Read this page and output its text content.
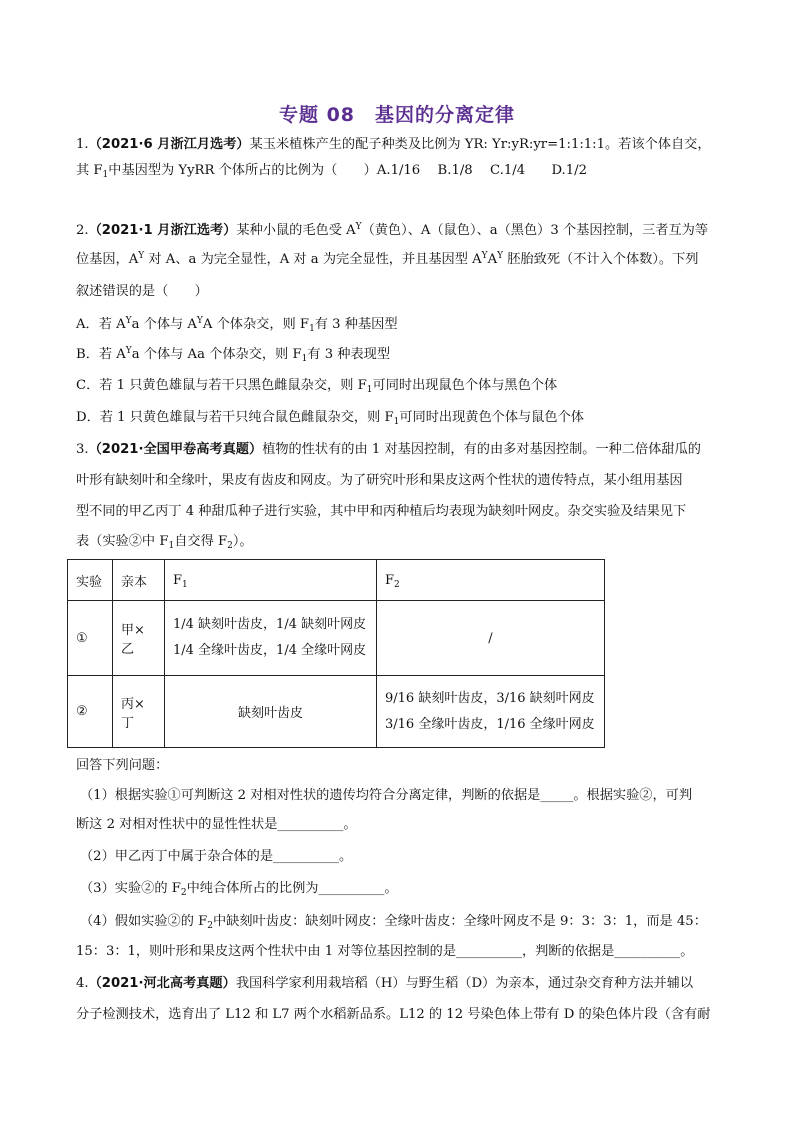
专题 08　基因的分离定律
1.（2021·6 月浙江月选考）某玉米植株产生的配子种类及比例为 YR: Yr:yR:yr=1:1:1:1。若该个体自交，
其 $F_1$中基因型为 YyRR 个体所占的比例为（　　）A.1/16　 B.1/8　 C.1/4　　D.1/2
2.（2021·1 月浙江选考）某种小鼠的毛色受 $A^Y$（黄色）、A（鼠色）、a（黑色）3 个基因控制，三者互为等
位基因，$A^Y$ 对 A、a 为完全显性，A 对 a 为完全显性，并且基因型 $A^YA^Y$ 胚胎致死（不计入个体数）。下列
叙述错误的是（　　）
A．若 $A^Ya$ 个体与 $A^YA$ 个体杂交，则 $F_1$有 3 种基因型
B．若 $A^Ya$ 个体与 Aa 个体杂交，则 $F_1$有 3 种表现型
C．若 1 只黄色雄鼠与若干只黑色雌鼠杂交，则 $F_1$可同时出现鼠色个体与黑色个体
D．若 1 只黄色雄鼠与若干只纯合鼠色雌鼠杂交，则 $F_1$可同时出现黄色个体与鼠色个体
3.（2021·全国甲卷高考真题）植物的性状有的由 1 对基因控制，有的由多对基因控制。一种二倍体甜瓜的
叶形有缺刻叶和全缘叶，果皮有齿皮和网皮。为了研究叶形和果皮这两个性状的遗传特点，某小组用基因
型不同的甲乙丙丁 4 种甜瓜种子进行实验，其中甲和丙种植后均表现为缺刻叶网皮。杂交实验及结果见下
表（实验②中 $F_1$自交得 $F_2$）。
实验	亲本	$F_1$	$F_2$
①	甲×乙	1/4 缺刻叶齿皮，1/4 缺刻叶网皮
1/4 全缘叶齿皮，1/4 全缘叶网皮	/
②	丙×丁	缺刻叶齿皮	9/16 缺刻叶齿皮，3/16 缺刻叶网皮
3/16 全缘叶齿皮，1/16 全缘叶网皮
回答下列问题：
（1）根据实验①可判断这 2 对相对性状的遗传均符合分离定律，判断的依据是_____。根据实验②，可判
断这 2 对相对性状中的显性性状是__________。
（2）甲乙丙丁中属于杂合体的是__________。
（3）实验②的 $F_2$中纯合体所占的比例为__________。
（4）假如实验②的 $F_2$中缺刻叶齿皮：缺刻叶网皮：全缘叶齿皮：全缘叶网皮不是 9：3：3：1，而是 45：
15：3：1，则叶形和果皮这两个性状中由 1 对等位基因控制的是__________，判断的依据是__________。
4.（2021·河北高考真题）我国科学家利用栽培稻（H）与野生稻（D）为亲本，通过杂交育种方法并辅以
分子检测技术，选育出了 L12 和 L7 两个水稻新品系。L12 的 12 号染色体上带有 D 的染色体片段（含有耐
